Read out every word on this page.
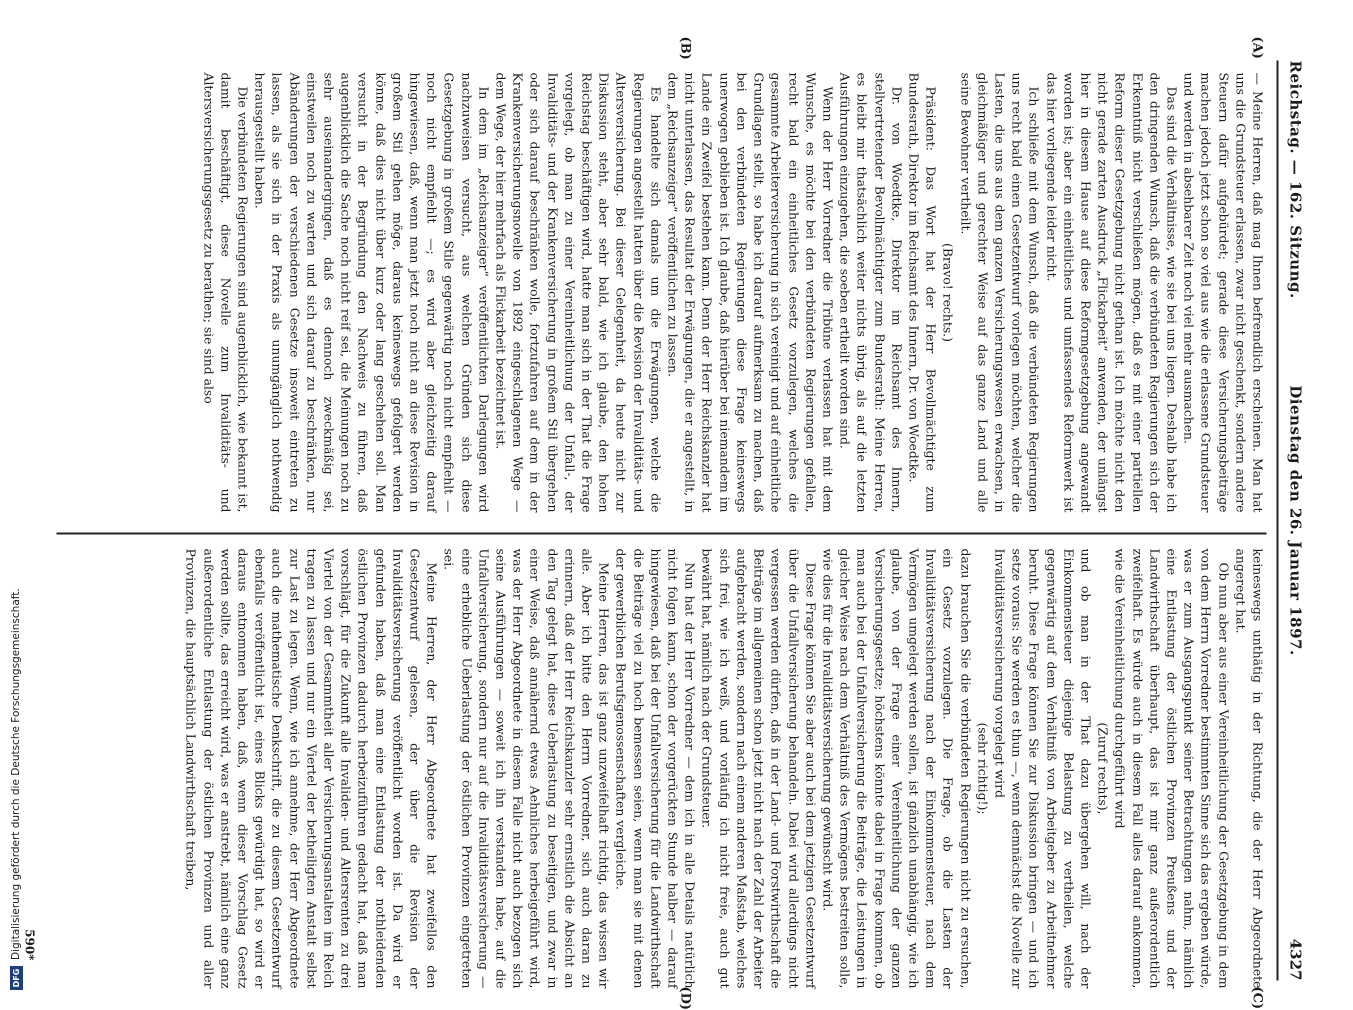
Reichstag. — 162. Sitzung.
Dienstag den 26. Januar 1897.
4327
(A)
(B)
(C)
(D)

— Meine Herren, daß mag Ihnen befremdlich erscheinen. Man hat uns die Grundsteuer erlassen, zwar nicht geschenkt, sondern andere Steuern dafür aufgebürdet; gerade diese Versicherungsbeiträge machen jedoch jetzt schon so viel aus wie die erlassene Grundsteuer und werden in absehbarer Zeit noch viel mehr ausmachen.

Das sind die Verhältnisse, wie sie bei uns liegen. Deshalb habe ich den dringenden Wunsch, daß die verbündeten Regierungen sich der Erkenntniß nicht verschließen mögen, daß es mit einer partiellen Reform dieser Gesetzgebung nicht gethan ist. Ich möchte nicht den nicht gerade zarten Ausdruck „Flickarbeit“ anwenden, der unlängst hier in diesem Hause auf diese Reformgesetzgebung angewandt worden ist; aber ein einheitliches und umfassendes Reformwerk ist das hier vorliegende leider nicht.

Ich schließe mit dem Wunsch, daß die verbündeten Regierungen uns recht bald einen Gesetzentwurf vorlegen möchten, welcher die Lasten, die uns aus dem ganzen Versicherungswesen erwachsen, in gleichmäßiger und gerechter Weise auf das ganze Land und alle seine Bewohner vertheilt.

(Bravo! rechts.)

Präsident: Das Wort hat der Herr Bevollmächtigte zum Bundesrath, Direktor im Reichsamt des Innern, Dr. von Woedtke.

Dr. von Woedtke, Direktor im Reichsamt des Innern, stellvertretender Bevollmächtigter zum Bundesrath: Meine Herren, es bleibt mir thatsächlich weiter nichts übrig, als auf die letzten Ausführungen einzugehen, die soeben ertheilt worden sind.

Wenn der Herr Vorredner die Tribüne verlassen hat mit dem Wunsche, es möchte bei den verbündeten Regierungen gefallen, recht bald ein einheitliches Gesetz vorzulegen, welches die gesammte Arbeiterversicherung in sich vereinigt und auf einheitliche Grundlagen stellt, so habe ich darauf aufmerksam zu machen, daß bei den verbündeten Regierungen diese Frage keineswegs unerwogen geblieben ist. Ich glaube, daß hierüber bei niemandem im Lande ein Zweifel bestehen kann. Denn der Herr Reichskanzler hat nicht unterlassen, das Resultat der Erwägungen, die er angestellt, in dem „Reichsanzeiger“ veröffentlichen zu lassen.

Es handelte sich damals um die Erwägungen, welche die Regierungen angestellt hatten über die Revision der Invaliditäts- und Altersversicherung. Bei dieser Gelegenheit, da heute nicht zur Diskussion steht, aber sehr bald, wie ich glaube, den hohen Reichstag beschäftigen wird, hatte man sich in der That die Frage vorgelegt, ob man zu einer Vereinheitlichung der Unfall-, der Invaliditäts- und der Krankenversicherung in großem Stil übergehen oder sich darauf beschränken wolle, fortzufahren auf dem in der Krankenversicherungsnovelle von 1892 eingeschlagenen Wege — dem Wege, der hier mehrfach als Flickarbeit bezeichnet ist.

In dem im „Reichsanzeiger“ veröffentlichten Darlegungen wird nachzuweisen versucht, aus welchen Gründen sich diese Gesetzgebung in großem Stile gegenwärtig noch nicht empfiehlt — noch nicht empfiehlt —; es wird aber gleichzeitig darauf hingewiesen, daß, wenn man jetzt noch nicht an diese Revision in großem Stil gehen möge, daraus keineswegs gefolgert werden könne, daß dies nicht über kurz oder lang geschehen soll. Man versucht in der Begründung den Nachweis zu führen, daß augenblicklich die Sache noch nicht reif sei, die Meinungen noch zu sehr auseinandergingen, daß es dennoch zweckmäßig sei, einstweilen noch zu warten und sich darauf zu beschränken, nur Abänderungen der verschiedenen Gesetze insoweit eintreten zu lassen, als sie sich in der Praxis als unumgänglich nothwendig herausgestellt haben.

Die verbündeten Regierungen sind augenblicklich, wie bekannt ist, damit beschäftigt, diese Novelle zum Invaliditäts- und Altersversicherungsgesetz zu berathen; sie sind also

keineswegs unthätig in der Richtung, die der Herr Abgeordnete angeregt hat.

Ob nun aber aus einer Vereinheitlichung der Gesetzgebung in dem von dem Herrn Vorredner bestimmten Sinne sich das ergeben würde, was er zum Ausgangspunkt seiner Betrachtungen nahm, nämlich eine Entlastung der östlichen Provinzen Preußens und der Landwirthschaft überhaupt, das ist mir ganz außerordentlich zweifelhaft. Es würde auch in diesem Fall alles darauf ankommen, wie die Vereinheitlichung durchgeführt wird

(Zuruf rechts),

und ob man in der That dazu übergehen will, nach der Einkommensteuer diejenige Belastung zu vertheilen, welche gegenwärtig auf dem Verhältniß von Arbeitgeber zu Arbeitnehmer beruht. Diese Frage können Sie zur Diskussion bringen — und ich setze voraus: Sie werden es thun —, wenn demnächst die Novelle zur Invaliditätsversicherung vorgelegt wird

(sehr richtig!);

dazu brauchen Sie die verbündeten Regierungen nicht zu ersuchen, ein Gesetz vorzulegen. Die Frage, ob die Lasten der Invaliditätsversicherung nach der Einkommensteuer, nach dem Vermögen umgelegt werden sollen, ist gänzlich unabhängig, wie ich glaube, von der Frage einer Vereinheitlichung der ganzen Versicherungsgesetze; höchstens könnte dabei in Frage kommen, ob man auch bei der Unfallversicherung die Beiträge, die Leistungen in gleicher Weise nach dem Verhältniß des Vermögens bestreiten solle, wie dies für die Invaliditätsversicherung gewünscht wird.

Diese Frage können Sie aber auch bei dem jetzigen Gesetzentwurf über die Unfallversicherung behandeln. Dabei wird allerdings nicht vergessen werden dürfen, daß in der Land- und Forstwirthschaft die Beiträge im allgemeinen schon jetzt nicht nach der Zahl der Arbeiter aufgebracht werden, sondern nach einem anderen Maßstab, welches sich frei, wie ich weiß, und vorläufig ich nicht freie, auch gut bewährt hat, nämlich nach der Grundsteuer.

Nun hat der Herr Vorredner — dem ich in alle Details natürlich nicht folgen kann, schon der vorgerückten Stunde halber — darauf hingewiesen, daß bei der Unfallversicherung für die Landwirthschaft die Beiträge viel zu hoch bemessen seien, wenn man sie mit denen der gewerblichen Berufsgenossenschaften vergleiche.

Meine Herren, das ist ganz unzweifelhaft richtig, das wissen wir alle. Aber ich bitte den Herrn Vorredner, sich auch daran zu erinnern, daß der Herr Reichskanzler sehr ernstlich die Absicht an den Tag gelegt hat, diese Ueberlastung zu beseitigen, und zwar in einer Weise, daß annähernd etwas Aehnliches herbeigeführt wird, was der Herr Abgeordnete in diesem Falle nicht auch bezogen sich seine Ausführungen — soweit ich ihn verstanden habe, auf die Unfallversicherung, sondern nur auf die Invaliditätsversicherung — eine erhebliche Ueberlastung der östlichen Provinzen eingetreten sei.

Meine Herren, der Herr Abgeordnete hat zweifellos den Gesetzentwurf gelesen, der über die Revision der Invaliditätsversicherung veröffentlicht worden ist. Da wird er gefunden haben, daß man eine Entlastung der nothleidenden östlichen Provinzen dadurch herbeizuführen gedacht hat, daß man vorschlägt, für die Zukunft alle Invaliden- und Altersrenten zu drei Viertel von der Gesammtheit aller Versicherungsanstalten im Reich tragen zu lassen und nur ein Viertel der betheiligten Anstalt selbst zur Last zu legen. Wenn, wie ich annehme, der Herr Abgeordnete auch die mathematische Denkschrift, die zu diesem Gesetzentwurf ebenfalls veröffentlicht ist, eines Blicks gewürdigt hat, so wird er daraus entnommen haben, daß, wenn dieser Vorschlag Gesetz werden sollte, das erreicht wird, was er anstrebt, nämlich eine ganz außerordentliche Entlastung der östlichen Provinzen und aller Provinzen, die hauptsächlich Landwirthschaft treiben,

590*
DFGDigitalisierung gefördert durch die Deutsche Forschungsgemeinschaft.
